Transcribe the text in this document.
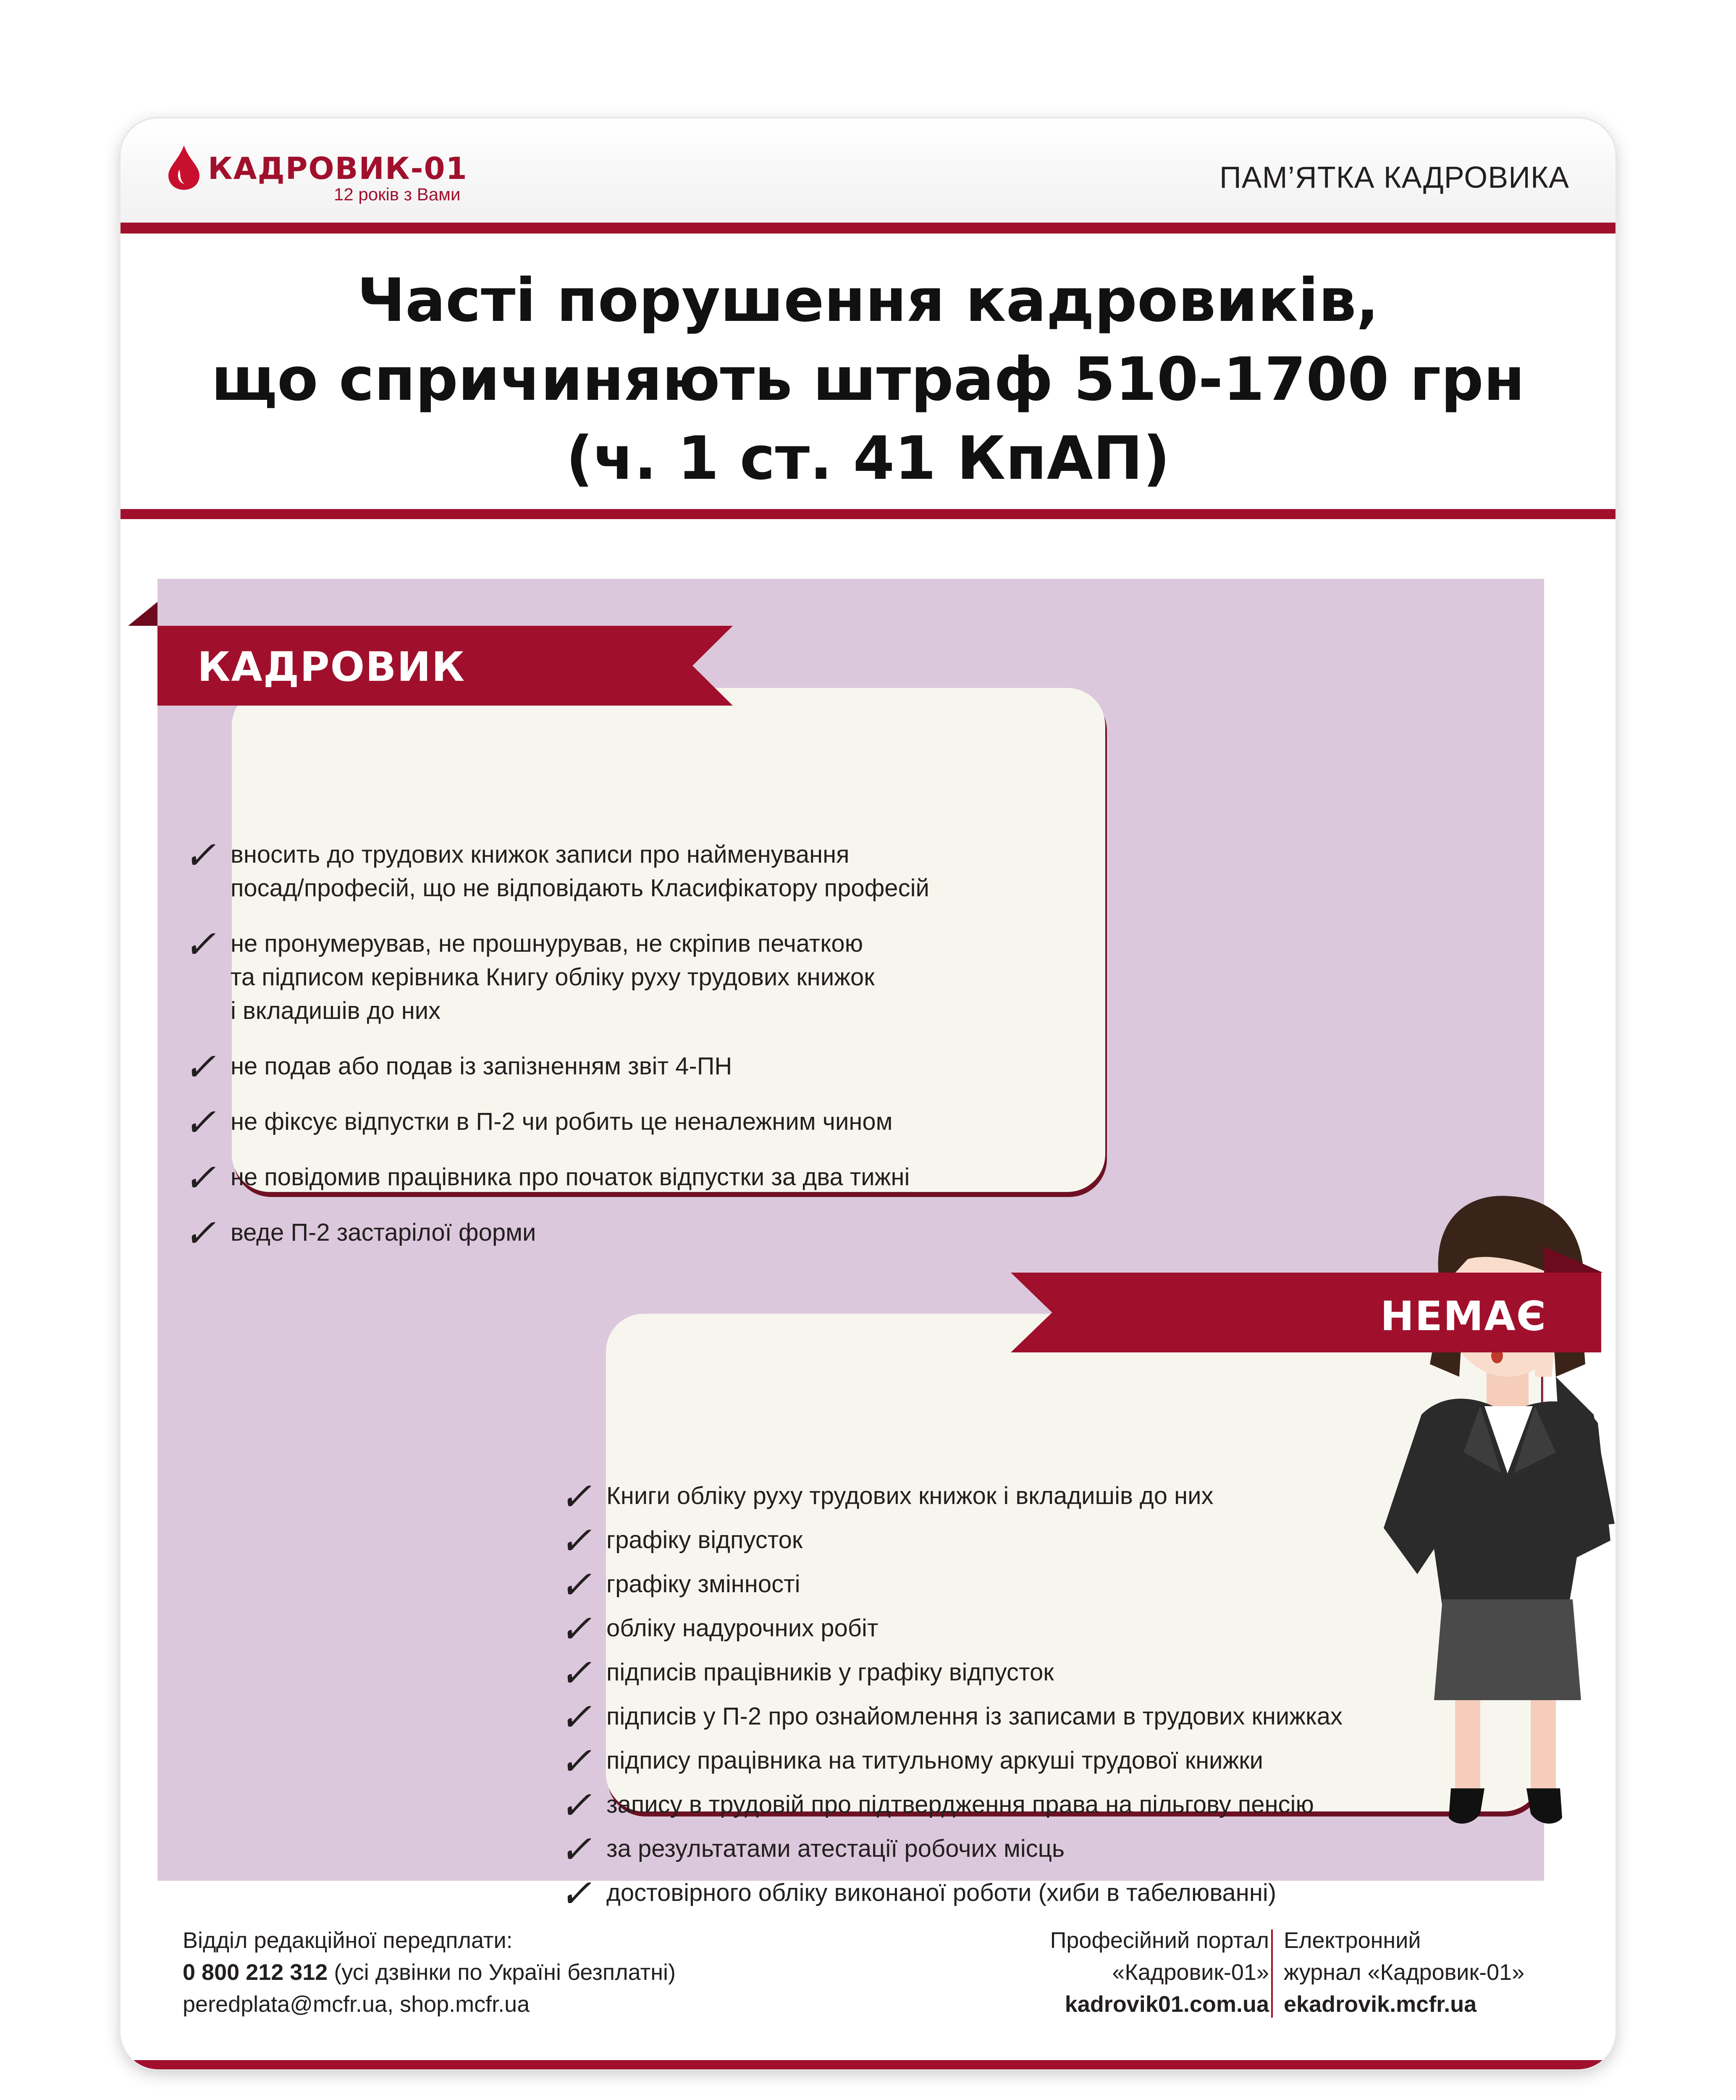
КАДРОВИК-01
12 років з Вами	ПАМ’ЯТКА КАДРОВИКА
Часті порушення кадровиків,
що спричиняють штраф 510-1700 грн
(ч. 1 ст. 41 КпАП)
КАДРОВИК
НЕМАЄ
✓ вносить до трудових книжок записи про найменування
посад/професій, що не відповідають Класифікатору професій
✓ не пронумерував, не прошнурував, не скріпив печаткою
та підписом керівника Книгу обліку руху трудових книжок
і вкладишів до них
✓ не подав або подав із запізненням звіт 4-ПН
✓ не фіксує відпустки в П-2 чи робить це неналежним чином
✓ не повідомив працівника про початок відпустки за два тижні
✓ веде П-2 застарілої форми
✓ Книги обліку руху трудових книжок і вкладишів до них
✓ графіку відпусток
✓ графіку змінності
✓ обліку надурочних робіт
✓ підписів працівників у графіку відпусток
✓ підписів у П-2 про ознайомлення із записами в трудових книжках
✓ підпису працівника на титульному аркуші трудової книжки
✓ запису в трудовій про підтвердження права на пільгову пенсію
✓ за результатами атестації робочих місць
✓ достовірного обліку виконаної роботи (хиби в табелюванні)
Відділ редакційної передплати:
0 800 212 312 (усі дзвінки по Україні безплатні)
peredplata@mcfr.ua, shop.mcfr.ua
Професійний портал
«Кадровик-01»
kadrovik01.com.ua
Електронний
журнал «Кадровик-01»
ekadrovik.mcfr.ua
